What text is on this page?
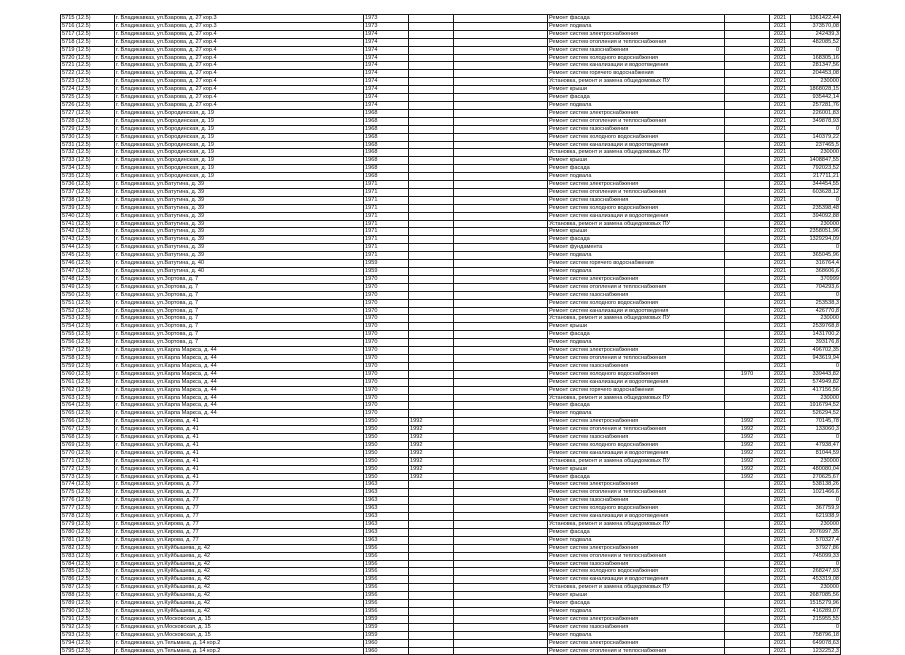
5715 (12.5)	г. Владикавказ, ул.Бзарова, д. 27 кор.3	1973			Ремонт фасада		2021	1361422,44
5716 (12.5)	г. Владикавказ, ул.Бзарова, д. 27 кор.3	1973			Ремонт подвала		2021	373570,08
5717 (12.5)	г. Владикавказ, ул.Бзарова, д. 27 кор.4	1974			Ремонт систем электроснабжения		2021	242439,3
5718 (12.5)	г. Владикавказ, ул.Бзарова, д. 27 кор.4	1974			Ремонт систем отопления и теплоснабжения		2021	482085,52
5719 (12.5)	г. Владикавказ, ул.Бзарова, д. 27 кор.4	1974			Ремонт систем газоснабжения		2021	0
5720 (12.5)	г. Владикавказ, ул.Бзарова, д. 27 кор.4	1974			Ремонт систем холодного водоснабжения		2021	168305,16
5721 (12.5)	г. Владикавказ, ул.Бзарова, д. 27 кор.4	1974			Ремонт систем канализации и водоотведения		2021	281347,56
5722 (12.5)	г. Владикавказ, ул.Бзарова, д. 27 кор.4	1974			Ремонт систем горячего водоснабжения		2021	204453,08
5723 (12.5)	г. Владикавказ, ул.Бзарова, д. 27 кор.4	1974			Установка, ремонт и замена общедомовых ПУ		2021	230000
5724 (12.5)	г. Владикавказ, ул.Бзарова, д. 27 кор.4	1974			Ремонт крыши		2021	1868028,15
5725 (12.5)	г. Владикавказ, ул.Бзарова, д. 27 кор.4	1974			Ремонт фасада		2021	935442,14
5726 (12.5)	г. Владикавказ, ул.Бзарова, д. 27 кор.4	1974			Ремонт подвала		2021	257281,76
5727 (12.5)	г. Владикавказ, ул.Бородинская, д. 19	1968			Ремонт систем электроснабжения		2021	226001,83
5728 (12.5)	г. Владикавказ, ул.Бородинская, д. 19	1968			Ремонт систем отопления и теплоснабжения		2021	349878,93
5729 (12.5)	г. Владикавказ, ул.Бородинская, д. 19	1968			Ремонт систем газоснабжения		2021	0
5730 (12.5)	г. Владикавказ, ул.Бородинская, д. 19	1968			Ремонт систем холодного водоснабжения		2021	140379,22
5731 (12.5)	г. Владикавказ, ул.Бородинская, д. 19	1968			Ремонт систем канализации и водоотведения		2021	237465,5
5732 (12.5)	г. Владикавказ, ул.Бородинская, д. 19	1968			Установка, ремонт и замена общедомовых ПУ		2021	230000
5733 (12.5)	г. Владикавказ, ул.Бородинская, д. 19	1968			Ремонт крыши		2021	1408847,55
5734 (12.5)	г. Владикавказ, ул.Бородинская, д. 19	1968			Ремонт фасада		2021	792023,52
5735 (12.5)	г. Владикавказ, ул.Бородинская, д. 19	1968			Ремонт подвала		2021	217711,21
5736 (12.5)	г. Владикавказ, ул.Ватутина, д. 39	1971			Ремонт систем электроснабжения		2021	344454,55
5737 (12.5)	г. Владикавказ, ул.Ватутина, д. 39	1971			Ремонт систем отопления и теплоснабжения		2021	603628,12
5738 (12.5)	г. Владикавказ, ул.Ватутина, д. 39	1971			Ремонт систем газоснабжения		2021	0
5739 (12.5)	г. Владикавказ, ул.Ватутина, д. 39	1971			Ремонт систем холодного водоснабжения		2021	235398,48
5740 (12.5)	г. Владикавказ, ул.Ватутина, д. 39	1971			Ремонт систем канализации и водоотведения		2021	394092,88
5741 (12.5)	г. Владикавказ, ул.Ватутина, д. 39	1971			Установка, ремонт и замена общедомовых ПУ		2021	230000
5742 (12.5)	г. Владикавказ, ул.Ватутина, д. 39	1971			Ремонт крыши		2021	2358051,96
5743 (12.5)	г. Владикавказ, ул.Ватутина, д. 39	1971			Ремонт фасада		2021	1329294,09
5744 (12.5)	г. Владикавказ, ул.Ватутина, д. 39	1971			Ремонт фундамента		2021	0
5745 (12.5)	г. Владикавказ, ул.Ватутина, д. 39	1971			Ремонт подвала		2021	365045,96
5746 (12.5)	г. Владикавказ, ул.Ватутина, д. 40	1959			Ремонт систем горячего водоснабжения		2021	316764,4
5747 (12.5)	г. Владикавказ, ул.Ватутина, д. 40	1959			Ремонт подвала		2021	368606,6
5748 (12.5)	г. Владикавказ, ул.Зортова, д. 7	1970			Ремонт систем электроснабжения		2021	370999
5749 (12.5)	г. Владикавказ, ул.Зортова, д. 7	1970			Ремонт систем отопления и теплоснабжения		2021	704293,6
5750 (12.5)	г. Владикавказ, ул.Зортова, д. 7	1970			Ремонт систем газоснабжения		2021	0
5751 (12.5)	г. Владикавказ, ул.Зортова, д. 7	1970			Ремонт систем холодного водоснабжения		2021	253538,3
5752 (12.5)	г. Владикавказ, ул.Зортова, д. 7	1970			Ремонт систем канализации и водоотведения		2021	426770,8
5753 (12.5)	г. Владикавказ, ул.Зортова, д. 7	1970			Установка, ремонт и замена общедомовых ПУ		2021	230000
5754 (12.5)	г. Владикавказ, ул.Зортова, д. 7	1970			Ремонт крыши		2021	2539768,8
5755 (12.5)	г. Владикавказ, ул.Зортова, д. 7	1970			Ремонт фасада		2021	1431700,2
5756 (12.5)	г. Владикавказ, ул.Зортова, д. 7	1970			Ремонт подвала		2021	393176,8
5757 (12.5)	г. Владикавказ, ул.Карла Маркса, д. 44	1970			Ремонт систем электроснабжения		2021	496702,35
5758 (12.5)	г. Владикавказ, ул.Карла Маркса, д. 44	1970			Ремонт систем отопления и теплоснабжения		2021	943619,94
5759 (12.5)	г. Владикавказ, ул.Карла Маркса, д. 44	1970			Ремонт систем газоснабжения		2021	0
5760 (12.5)	г. Владикавказ, ул.Карла Маркса, д. 44	1970			Ремонт систем холодного водоснабжения	1970	2021	339443,82
5761 (12.5)	г. Владикавказ, ул.Карла Маркса, д. 44	1970			Ремонт систем канализации и водоотведения		2021	574949,82
5762 (12.5)	г. Владикавказ, ул.Карла Маркса, д. 44	1970			Ремонт систем горячего водоснабжения		2021	417156,56
5763 (12.5)	г. Владикавказ, ул.Карла Маркса, д. 44	1970			Установка, ремонт и замена общедомовых ПУ		2021	230000
5764 (12.5)	г. Владикавказ, ул.Карла Маркса, д. 44	1970			Ремонт фасада		2021	1916794,52
5765 (12.5)	г. Владикавказ, ул.Карла Маркса, д. 44	1970			Ремонт подвала		2021	526294,52
5766 (12.5)	г. Владикавказ, ул.Кирова, д. 41	1950	1992		Ремонт систем электроснабжения	1992	2021	70145,78
5767 (12.5)	г. Владикавказ, ул.Кирова, д. 41	1950	1992		Ремонт систем отопления и теплоснабжения	1992	2021	133060,3
5768 (12.5)	г. Владикавказ, ул.Кирова, д. 41	1950	1992		Ремонт систем газоснабжения	1992	2021	0
5769 (12.5)	г. Владикавказ, ул.Кирова, д. 41	1950	1992		Ремонт систем холодного водоснабжения	1992	2021	47938,47
5770 (12.5)	г. Владикавказ, ул.Кирова, д. 41	1950	1992		Ремонт систем канализации и водоотведения	1992	2021	81044,59
5771 (12.5)	г. Владикавказ, ул.Кирова, д. 41	1950	1992		Установка, ремонт и замена общедомовых ПУ	1992	2021	230000
5772 (12.5)	г. Владикавказ, ул.Кирова, д. 41	1950	1992		Ремонт крыши	1992	2021	480080,04
5773 (12.5)	г. Владикавказ, ул.Кирова, д. 41	1950	1992		Ремонт фасада	1992	2021	270625,67
5774 (12.5)	г. Владикавказ, ул.Кирова, д. 77	1963			Ремонт систем электроснабжения		2021	538138,26
5775 (12.5)	г. Владикавказ, ул.Кирова, д. 77	1963			Ремонт систем отопления и теплоснабжения		2021	1021466,6
5776 (12.5)	г. Владикавказ, ул.Кирова, д. 77	1963			Ремонт систем газоснабжения		2021	0
5777 (12.5)	г. Владикавказ, ул.Кирова, д. 77	1963			Ремонт систем холодного водоснабжения		2021	367759,9
5778 (12.5)	г. Владикавказ, ул.Кирова, д. 77	1963			Ремонт систем канализации и водоотведения		2021	621938,9
5779 (12.5)	г. Владикавказ, ул.Кирова, д. 77	1963			Установка, ремонт и замена общедомовых ПУ		2021	230000
5780 (12.5)	г. Владикавказ, ул.Кирова, д. 77	1963			Ремонт фасада		2021	2076997,35
5781 (12.5)	г. Владикавказ, ул.Кирова, д. 77	1963			Ремонт подвала		2021	570327,4
5782 (12.5)	г. Владикавказ, ул.Куйбышева, д. 42	1956			Ремонт систем электроснабжения		2021	37927,86
5783 (12.5)	г. Владикавказ, ул.Куйбышева, д. 42	1956			Ремонт систем отопления и теплоснабжения		2021	745099,33
5784 (12.5)	г. Владикавказ, ул.Куйбышева, д. 42	1956			Ремонт систем газоснабжения		2021	0
5785 (12.5)	г. Владикавказ, ул.Куйбышева, д. 42	1956			Ремонт систем холодного водоснабжения		2021	268247,93
5786 (12.5)	г. Владикавказ, ул.Куйбышева, д. 42	1956			Ремонт систем канализации и водоотведения		2021	453319,08
5787 (12.5)	г. Владикавказ, ул.Куйбышева, д. 42	1956			Установка, ремонт и замена общедомовых ПУ		2021	230000
5788 (12.5)	г. Владикавказ, ул.Куйбышева, д. 42	1956			Ремонт крыши		2021	2687085,56
5789 (12.5)	г. Владикавказ, ул.Куйбышева, д. 42	1956			Ремонт фасада		2021	1515279,96
5790 (12.5)	г. Владикавказ, ул.Куйбышева, д. 42	1956			Ремонт подвала		2021	416289,07
5791 (12.5)	г. Владикавказ, ул.Московская, д. 15	1959			Ремонт систем электроснабжения		2021	215955,55
5792 (12.5)	г. Владикавказ, ул.Московская, д. 15	1959			Ремонт систем газоснабжения		2021	0
5793 (12.5)	г. Владикавказ, ул.Московская, д. 15	1959			Ремонт подвала		2021	758796,18
5794 (12.5)	г. Владикавказ, ул.Тельмана, д. 14 кор.2	1960			Ремонт систем электроснабжения		2021	649078,63
5795 (12.5)	г. Владикавказ, ул.Тельмана, д. 14 кор.2	1960			Ремонт систем отопления и теплоснабжения		2021	1232252,3
